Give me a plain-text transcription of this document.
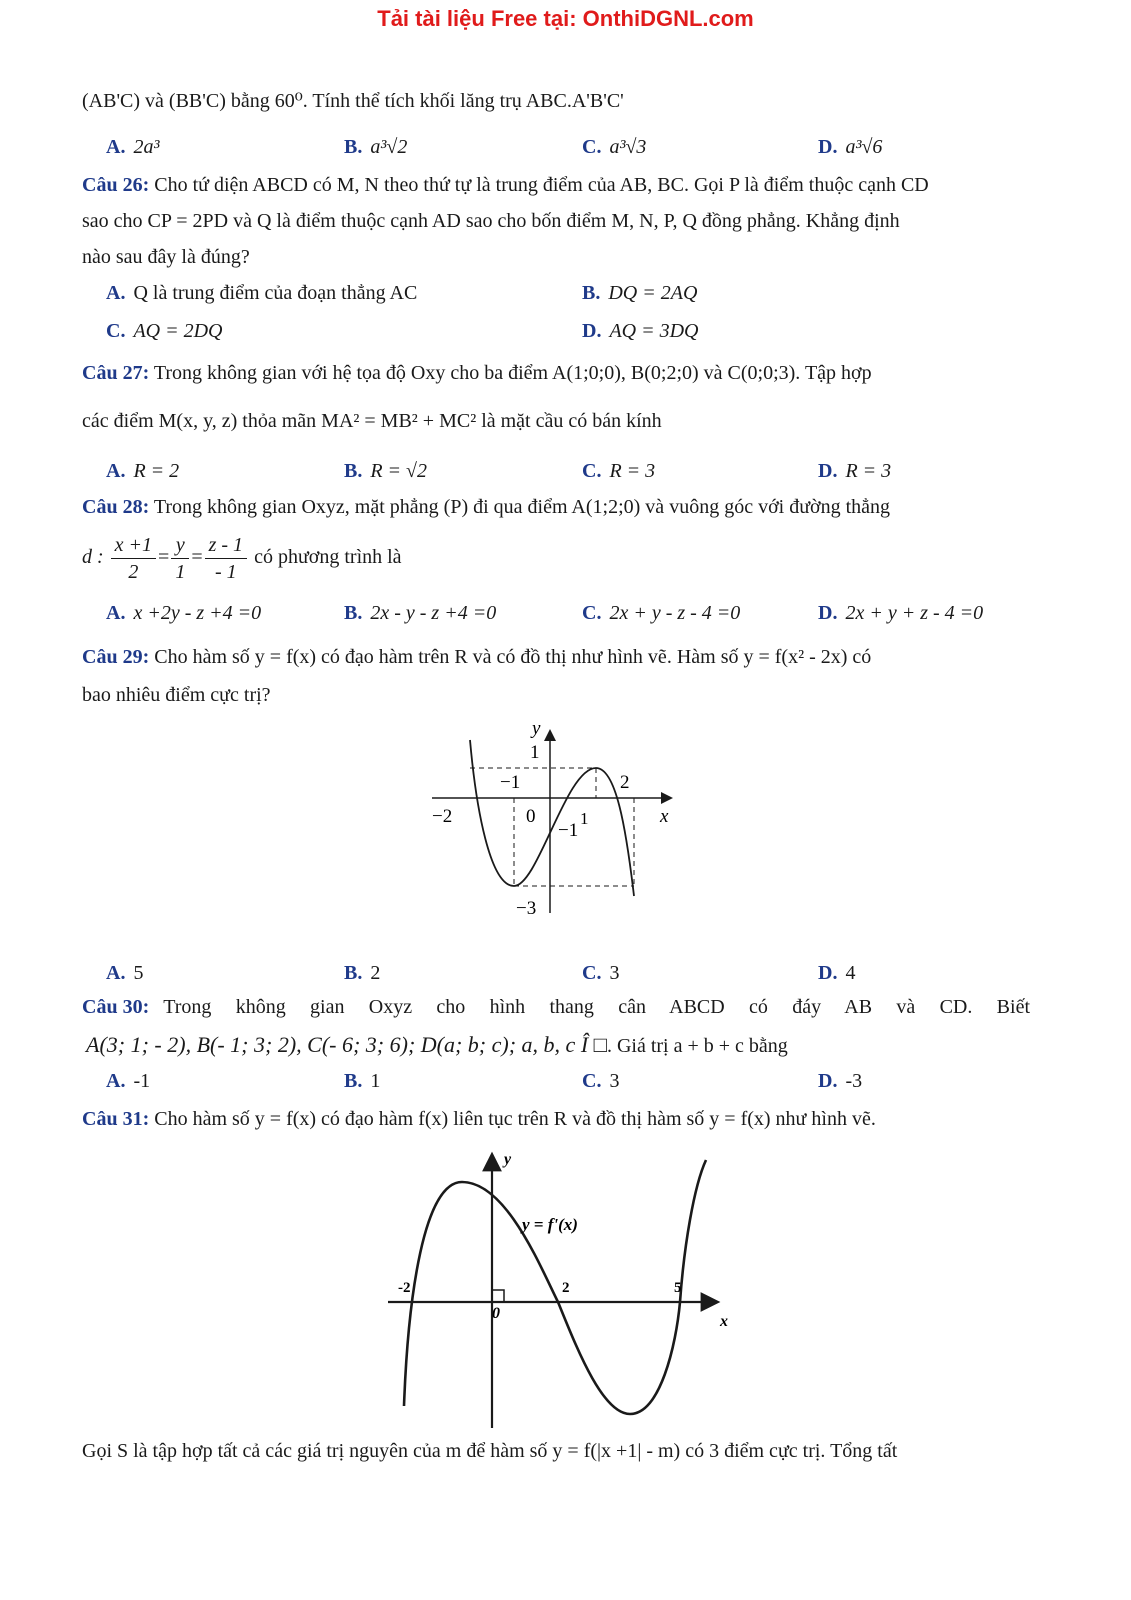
Tải tài liệu Free tại: OnthiDGNL.com
(AB'C) và (BB'C) bằng 60⁰. Tính thể tích khối lăng trụ ABC.A'B'C'
A. 2a³	B. a³√2	C. a³√3	D. a³√6
Câu 26: Cho tứ diện ABCD có M, N theo thứ tự là trung điểm của AB, BC. Gọi P là điểm thuộc cạnh CD
sao cho CP = 2PD và Q là điểm thuộc cạnh AD sao cho bốn điểm M, N, P, Q đồng phẳng. Khẳng định
nào sau đây là đúng?
A. Q là trung điểm của đoạn thẳng AC	B. DQ = 2AQ
C. AQ = 2DQ	D. AQ = 3DQ
Câu 27: Trong không gian với hệ tọa độ Oxy cho ba điểm A(1;0;0), B(0;2;0) và C(0;0;3). Tập hợp
các điểm M(x, y, z) thỏa mãn MA² = MB² + MC² là mặt cầu có bán kính
A. R = 2	B. R = √2	C. R = 3	D. R = 3
Câu 28: Trong không gian Oxyz, mặt phẳng (P) đi qua điểm A(1;2;0) và vuông góc với đường thẳng
d : $\frac{x +1}{2} = \frac{y}{1} = \frac{z - 1}{- 1}$ có phương trình là
A. x +2y - z +4 =0	B. 2x - y - z +4 =0	C. 2x + y - z - 4 =0	D. 2x + y + z - 4 =0
Câu 29: Cho hàm số y = f(x) có đạo hàm trên R và có đồ thị như hình vẽ. Hàm số y = f(x² - 2x) có
bao nhiêu điểm cực trị?
y
1
−1	2
−2	0
−1
1	x
−3
A. 5	B. 2	C. 3	D. 4
Câu 30: Trong không gian Oxyz cho hình thang cân ABCD có đáy AB và CD. Biết
A(3; 1; - 2), B(- 1; 3; 2), C(- 6; 3; 6); D(a; b; c); a, b, c Î □. Giá trị a + b + c bằng
A. -1	B. 1	C. 3	D. -3
Câu 31: Cho hàm số y = f(x) có đạo hàm f(x) liên tục trên R và đồ thị hàm số y = f(x) như hình vẽ.
y
y = f'(x)
-2
0
2	5
x
Gọi S là tập hợp tất cả các giá trị nguyên của m để hàm số y = f(|x +1| - m) có 3 điểm cực trị. Tổng tất
